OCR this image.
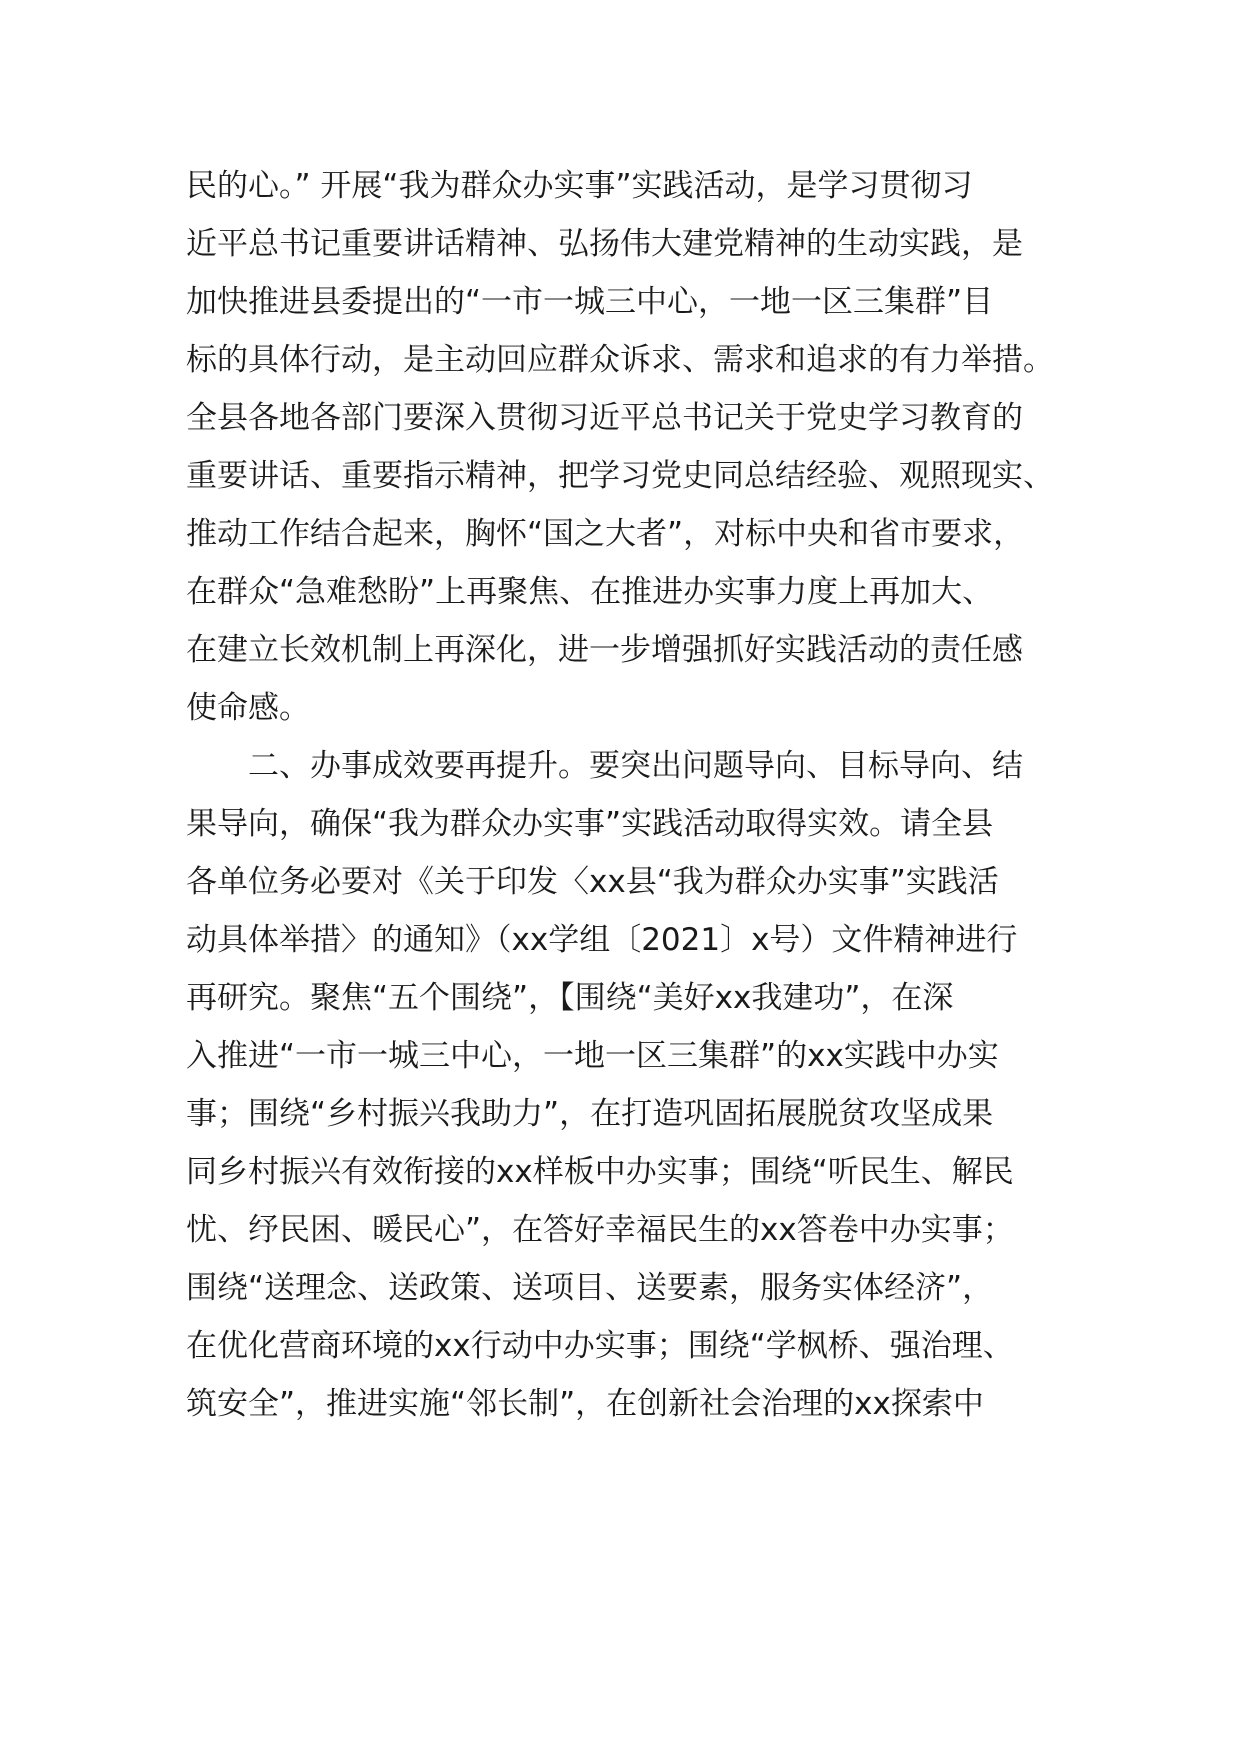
民的心。” 开展“我为群众办实事”实践活动，是学习贯彻习
近平总书记重要讲话精神、弘扬伟大建党精神的生动实践，是
加快推进县委提出的“一市一城三中心，一地一区三集群”目
标的具体行动，是主动回应群众诉求、需求和追求的有力举措。
全县各地各部门要深入贯彻习近平总书记关于党史学习教育的
重要讲话、重要指示精神，把学习党史同总结经验、观照现实、
推动工作结合起来，胸怀“国之大者”，对标中央和省市要求，
在群众“急难愁盼”上再聚焦、在推进办实事力度上再加大、
在建立长效机制上再深化，进一步增强抓好实践活动的责任感
使命感。
二、办事成效要再提升。要突出问题导向、目标导向、结
果导向，确保“我为群众办实事”实践活动取得实效。请全县
各单位务必要对《关于印发〈xx县“我为群众办实事”实践活
动具体举措〉的通知》（xx学组〔2021〕x号）文件精神进行
再研究。聚焦“五个围绕”，【围绕“美好xx我建功”，在深
入推进“一市一城三中心，一地一区三集群”的xx实践中办实
事；围绕“乡村振兴我助力”，在打造巩固拓展脱贫攻坚成果
同乡村振兴有效衔接的xx样板中办实事；围绕“听民生、解民
忧、纾民困、暖民心”，在答好幸福民生的xx答卷中办实事；
围绕“送理念、送政策、送项目、送要素，服务实体经济”，
在优化营商环境的xx行动中办实事；围绕“学枫桥、强治理、
筑安全”，推进实施“邻长制”，在创新社会治理的xx探索中
